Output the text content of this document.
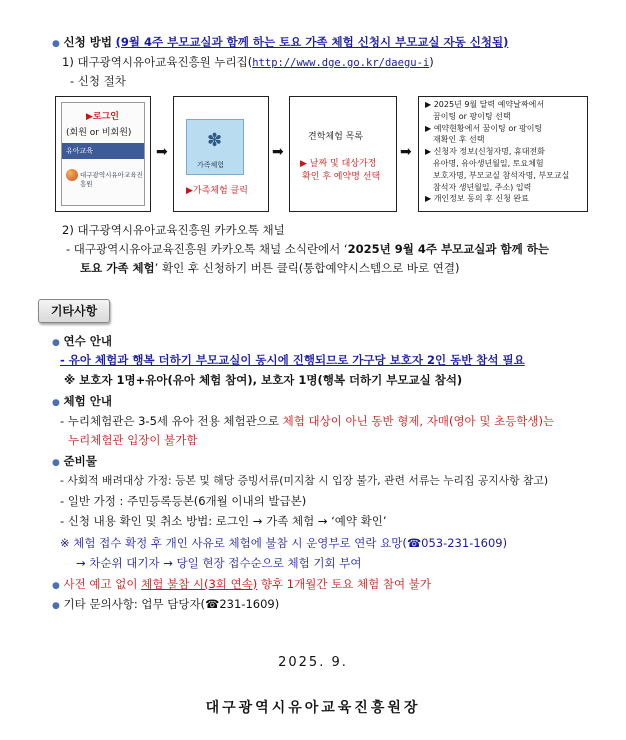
● 신청 방법 (9월 4주 부모교실과 함께 하는 토요 가족 체험 신청시 부모교실 자동 신청됨)
1) 대구광역시유아교육진흥원 누리집(http://www.dge.go.kr/daegu-i)
- 신청 절차
▶로그인
(회원 or 비회원)
유아교육
대구광역시유아교육진흥원
➡
✽
가족체험
▶가족체험 클릭
➡
견학체험 목록
▶ 날짜 및 대상가정
확인 후 예약명 선택
➡
▶ 2025년 9월 달력 예약날짜에서
꿈이팅 or 팡이팅 선택
▶ 예약현황에서 꿈이팅 or 팡이팅
재확인 후 선택
▶ 신청자 정보(신청자명, 휴대전화
유아명, 유아생년월일, 토요체험
보호자명, 부모교실 참석자명, 부모교실
참석자 생년월일, 주소) 입력
▶ 개인정보 동의 후 신청 완료
2) 대구광역시유아교육진흥원 카카오톡 채널
- 대구광역시유아교육진흥원 카카오톡 채널 소식란에서 ‘2025년 9월 4주 부모교실과 함께 하는
토요 가족 체험’ 확인 후 신청하기 버튼 클릭(통합예약시스템으로 바로 연결)
기타사항
● 연수 안내
- 유아 체험과 행복 더하기 부모교실이 동시에 진행되므로 가구당 보호자 2인 동반 참석 필요
※ 보호자 1명+유아(유아 체험 참여), 보호자 1명(행복 더하기 부모교실 참석)
● 체험 안내
- 누리체험관은 3-5세 유아 전용 체험관으로 체험 대상이 아닌 동반 형제, 자매(영아 및 초등학생)는
누리체험관 입장이 불가함
● 준비물
- 사회적 배려대상 가정: 등본 및 해당 증빙서류(미지참 시 입장 불가, 관련 서류는 누리집 공지사항 참고)
- 일반 가정 : 주민등록등본(6개월 이내의 발급본)
- 신청 내용 확인 및 취소 방법: 로그인 → 가족 체험 → ‘예약 확인’
※ 체험 접수 확정 후 개인 사유로 체험에 불참 시 운영부로 연락 요망(☎053-231-1609)
→ 차순위 대기자 → 당일 현장 접수순으로 체험 기회 부여
● 사전 예고 없이 체험 불참 시(3회 연속) 향후 1개월간 토요 체험 참여 불가
● 기타 문의사항: 업무 담당자(☎231-1609)
2025. 9.
대구광역시유아교육진흥원장
